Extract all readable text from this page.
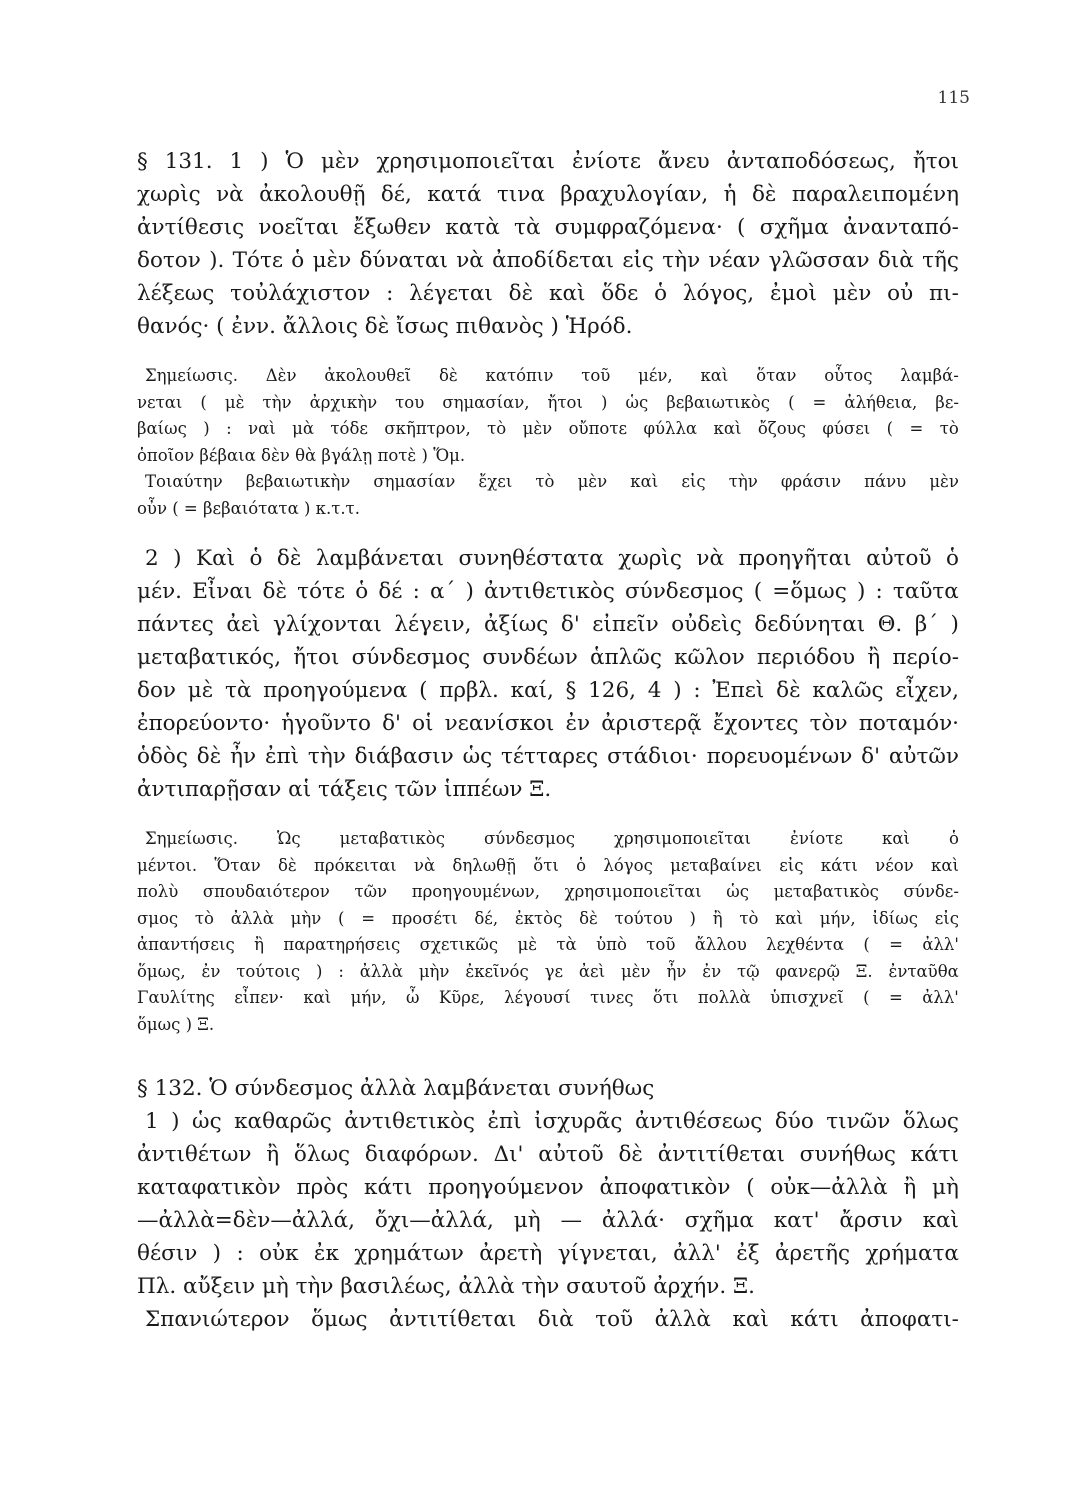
115
§ 131. 1 ) Ὁ μὲν χρησιμοποιεῖται ἐνίοτε ἄνευ ἀνταποδόσεως, ἤτοι
χωρὶς νὰ ἀκολουθῇ δέ, κατά τινα βραχυλογίαν, ἡ δὲ παραλειπομένη
ἀντίθεσις νοεῖται ἔξωθεν κατὰ τὰ συμφραζόμενα· ( σχῆμα ἀνανταπό-
δοτον ). Τότε ὁ μὲν δύναται νὰ ἀποδίδεται εἰς τὴν νέαν γλῶσσαν διὰ τῆς
λέξεως τοὐλάχιστον : λέγεται δὲ καὶ ὅδε ὁ λόγος, ἐμοὶ μὲν οὐ πι-
θανός· ( ἐνν. ἄλλοις δὲ ἴσως πιθανὸς ) Ἡρόδ.
Σημείωσις. Δὲν ἀκολουθεῖ δὲ κατόπιν τοῦ μέν, καὶ ὅταν οὗτος λαμβά-
νεται ( μὲ τὴν ἀρχικὴν του σημασίαν, ἤτοι ) ὡς βεβαιωτικὸς ( = ἀλήθεια, βε-
βαίως ) : ναὶ μὰ τόδε σκῆπτρον, τὸ μὲν οὔποτε φύλλα καὶ ὄζους φύσει ( = τὸ
ὁποῖον βέβαια δὲν θὰ βγάλῃ ποτὲ ) Ὅμ.
Τοιαύτην βεβαιωτικὴν σημασίαν ἔχει τὸ μὲν καὶ εἰς τὴν φράσιν πάνυ μὲν
οὖν ( = βεβαιότατα ) κ.τ.τ.
2 ) Καὶ ὁ δὲ λαμβάνεται συνηθέστατα χωρὶς νὰ προηγῆται αὐτοῦ ὁ
μέν. Εἶναι δὲ τότε ὁ δέ : α΄ ) ἀντιθετικὸς σύνδεσμος ( =ὅμως ) : ταῦτα
πάντες ἀεὶ γλίχονται λέγειν, ἀξίως δ' εἰπεῖν οὐδεὶς δεδύνηται Θ. β΄ )
μεταβατικός, ἤτοι σύνδεσμος συνδέων ἁπλῶς κῶλον περιόδου ἢ περίο-
δον μὲ τὰ προηγούμενα ( πρβλ. καί, § 126, 4 ) : Ἐπεὶ δὲ καλῶς εἶχεν,
ἐπορεύοντο· ἡγοῦντο δ' οἱ νεανίσκοι ἐν ἀριστερᾷ ἔχοντες τὸν ποταμόν·
ὁδὸς δὲ ἦν ἐπὶ τὴν διάβασιν ὡς τέτταρες στάδιοι· πορευομένων δ' αὐτῶν
ἀντιπαρῇσαν αἱ τάξεις τῶν ἱππέων Ξ.
Σημείωσις. Ὡς μεταβατικὸς σύνδεσμος χρησιμοποιεῖται ἐνίοτε καὶ ὁ
μέντοι. Ὅταν δὲ πρόκειται νὰ δηλωθῇ ὅτι ὁ λόγος μεταβαίνει εἰς κάτι νέον καὶ
πολὺ σπουδαιότερον τῶν προηγουμένων, χρησιμοποιεῖται ὡς μεταβατικὸς σύνδε-
σμος τὸ ἀλλὰ μὴν ( = προσέτι δέ, ἐκτὸς δὲ τούτου ) ἢ τὸ καὶ μήν, ἰδίως εἰς
ἀπαντήσεις ἢ παρατηρήσεις σχετικῶς μὲ τὰ ὑπὸ τοῦ ἄλλου λεχθέντα ( = ἀλλ'
ὅμως, ἐν τούτοις ) : ἀλλὰ μὴν ἐκεῖνός γε ἀεὶ μὲν ἦν ἐν τῷ φανερῷ Ξ. ἐνταῦθα
Γαυλίτης εἶπεν· καὶ μήν, ὦ Κῦρε, λέγουσί τινες ὅτι πολλὰ ὑπισχνεῖ ( = ἀλλ'
ὅμως ) Ξ.
§ 132. Ὁ σύνδεσμος ἀλλὰ λαμβάνεται συνήθως
1 ) ὡς καθαρῶς ἀντιθετικὸς ἐπὶ ἰσχυρᾶς ἀντιθέσεως δύο τινῶν ὅλως
ἀντιθέτων ἢ ὅλως διαφόρων. Δι' αὐτοῦ δὲ ἀντιτίθεται συνήθως κάτι
καταφατικὸν πρὸς κάτι προηγούμενον ἀποφατικὸν ( οὐκ—ἀλλὰ ἢ μὴ
—ἀλλὰ=δὲν—ἀλλά, ὄχι—ἀλλά, μὴ — ἀλλά· σχῆμα κατ' ἄρσιν καὶ
θέσιν ) : οὐκ ἐκ χρημάτων ἀρετὴ γίγνεται, ἀλλ' ἐξ ἀρετῆς χρήματα
Πλ. αὔξειν μὴ τὴν βασιλέως, ἀλλὰ τὴν σαυτοῦ ἀρχήν. Ξ.
Σπανιώτερον ὅμως ἀντιτίθεται διὰ τοῦ ἀλλὰ καὶ κάτι ἀποφατι-
